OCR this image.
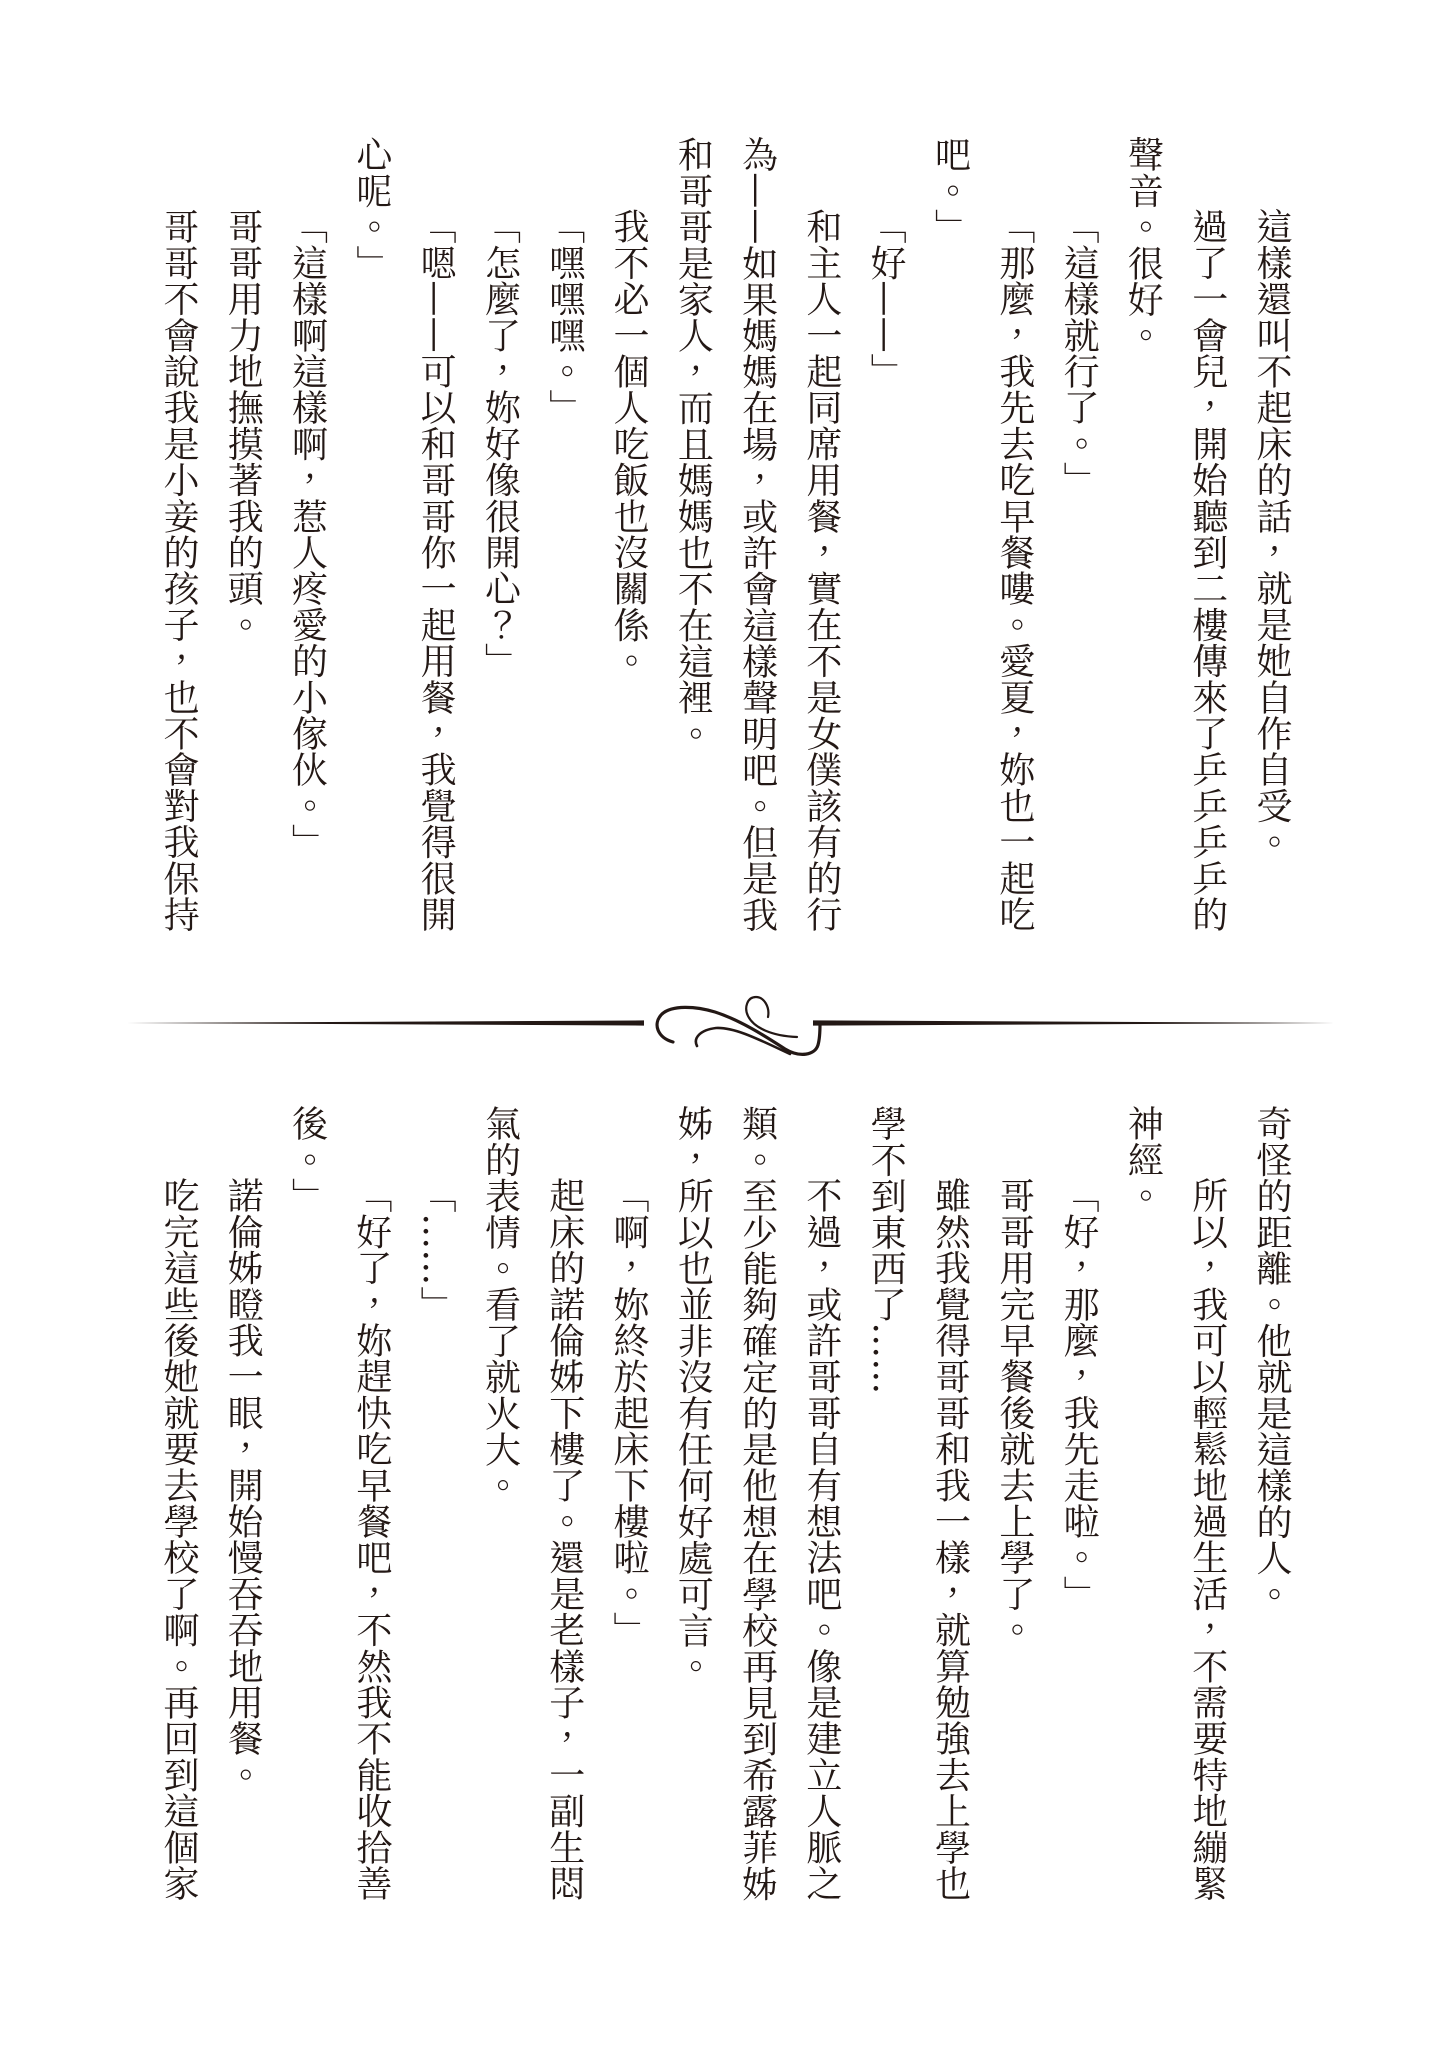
這樣還叫不起床的話，就是她自作自受。
過了一會兒，開始聽到二樓傳來了乒乒乒乒的
聲音。很好。
「這樣就行了。」
「那麼，我先去吃早餐嘍。愛夏，妳也一起吃
吧。」
「好——」
和主人一起同席用餐，實在不是女僕該有的行
為——如果媽媽在場，或許會這樣聲明吧。但是我
和哥哥是家人，而且媽媽也不在這裡。
我不必一個人吃飯也沒關係。
「嘿嘿嘿。」
「怎麼了，妳好像很開心？」
「嗯——可以和哥哥你一起用餐，我覺得很開
心呢。」
「這樣啊這樣啊，惹人疼愛的小傢伙。」
哥哥用力地撫摸著我的頭。
哥哥不會說我是小妾的孩子，也不會對我保持
奇怪的距離。他就是這樣的人。
所以，我可以輕鬆地過生活，不需要特地繃緊
神經。
「好，那麼，我先走啦。」
哥哥用完早餐後就去上學了。
雖然我覺得哥哥和我一樣，就算勉強去上學也
學不到東西了……
不過，或許哥哥自有想法吧。像是建立人脈之
類。至少能夠確定的是他想在學校再見到希露菲姊
姊，所以也並非沒有任何好處可言。
「啊，妳終於起床下樓啦。」
起床的諾倫姊下樓了。還是老樣子，一副生悶
氣的表情。看了就火大。
「……」
「好了，妳趕快吃早餐吧，不然我不能收拾善
後。」
諾倫姊瞪我一眼，開始慢吞吞地用餐。
吃完這些後她就要去學校了啊。再回到這個家
